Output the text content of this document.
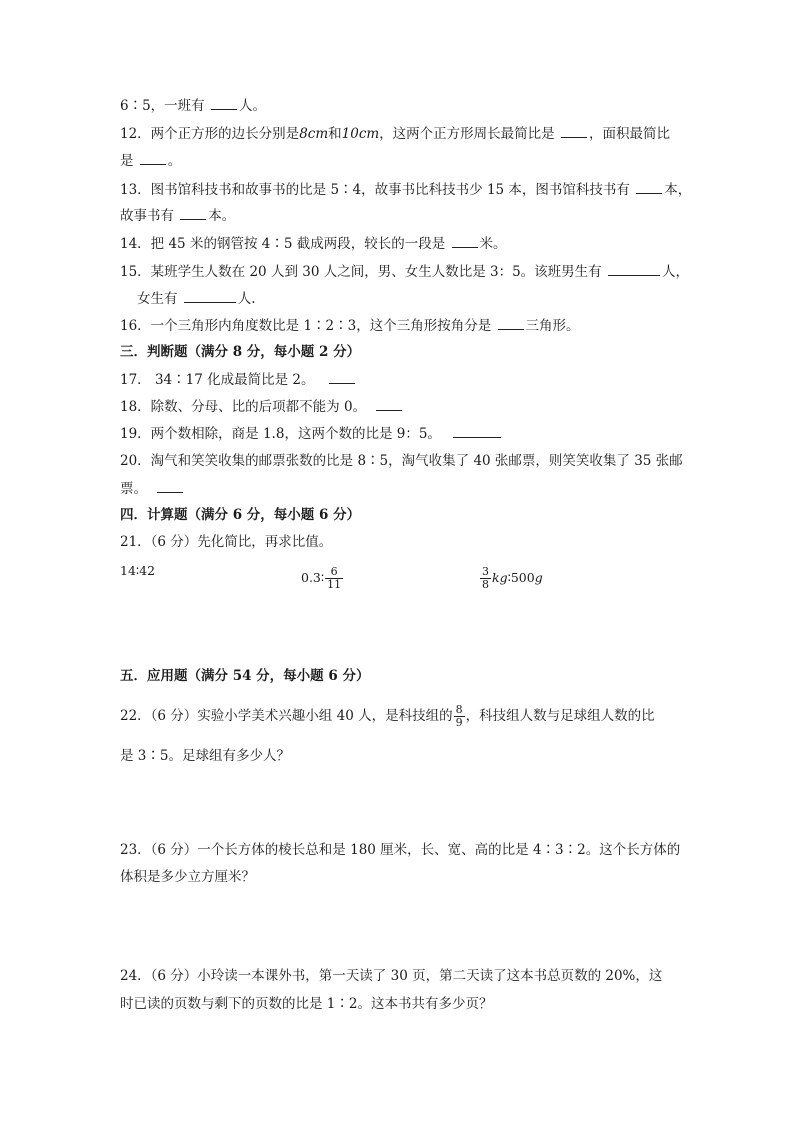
6∶5，一班有	人。
12．两个正方形的边长分别是8cm和10cm，这两个正方形周长最简比是	，面积最简比
是	。
13．图书馆科技书和故事书的比是 5∶4，故事书比科技书少 15 本，图书馆科技书有	本，
故事书有	本。
14．把 45 米的钢管按 4∶5 截成两段，较长的一段是	米。
15．某班学生人数在 20 人到 30 人之间，男、女生人数比是 3：5。该班男生有	人，
女生有	人.
16．一个三角形内角度数比是 1∶2∶3，这个三角形按角分是	三角形。
三．判断题（满分 8 分，每小题 2 分）
17． 34∶17 化成最简比是 2。
18．除数、分母、比的后项都不能为 0。
19．两个数相除，商是 1.8，这两个数的比是 9：5。
20．淘气和笑笑收集的邮票张数的比是 8∶5，淘气收集了 40 张邮票，则笑笑收集了 35 张邮
票。
四．计算题（满分 6 分，每小题 6 分）
21．（6 分）先化简比，再求比值。
14∶42	0.3∶ $\frac{6}{11}$	$\frac{3}{8}$ kg∶500g
五．应用题（满分 54 分，每小题 6 分）
22．（6 分）实验小学美术兴趣小组 40 人，是科技组的 $\frac{8}{9}$ ，科技组人数与足球组人数的比
是 3∶5。足球组有多少人？
23．（6 分）一个长方体的棱长总和是 180 厘米，长、宽、高的比是 4∶3∶2。这个长方体的
体积是多少立方厘米？
24．（6 分）小玲读一本课外书，第一天读了 30 页，第二天读了这本书总页数的 20%，这
时已读的页数与剩下的页数的比是 1∶2。这本书共有多少页？
